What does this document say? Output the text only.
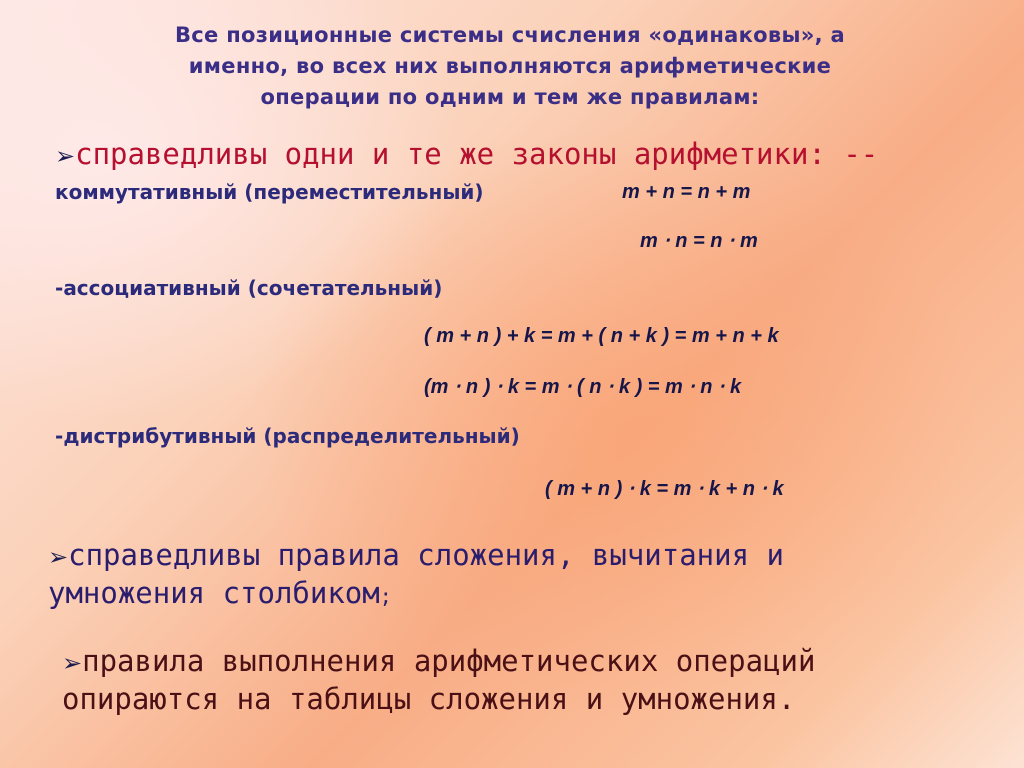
Все позиционные системы счисления «одинаковы», а
именно, во всех них выполняются арифметические
операции по одним и тем же правилам:
➢справедливы одни и те же законы арифметики: --
коммутативный (переместительный)	m + n = n + m
m ⋅ n = n ⋅ m
-ассоциативный (сочетательный)
( m + n ) + k = m + ( n + k ) = m + n + k
(m ⋅ n ) ⋅ k = m ⋅ ( n ⋅ k ) = m ⋅ n ⋅ k
-дистрибутивный (распределительный)
( m + n ) ⋅ k = m ⋅ k + n ⋅ k
➢справедливы правила сложения, вычитания и
умножения столбиком;
➢правила выполнения арифметических операций
опираются на таблицы сложения и умножения.
